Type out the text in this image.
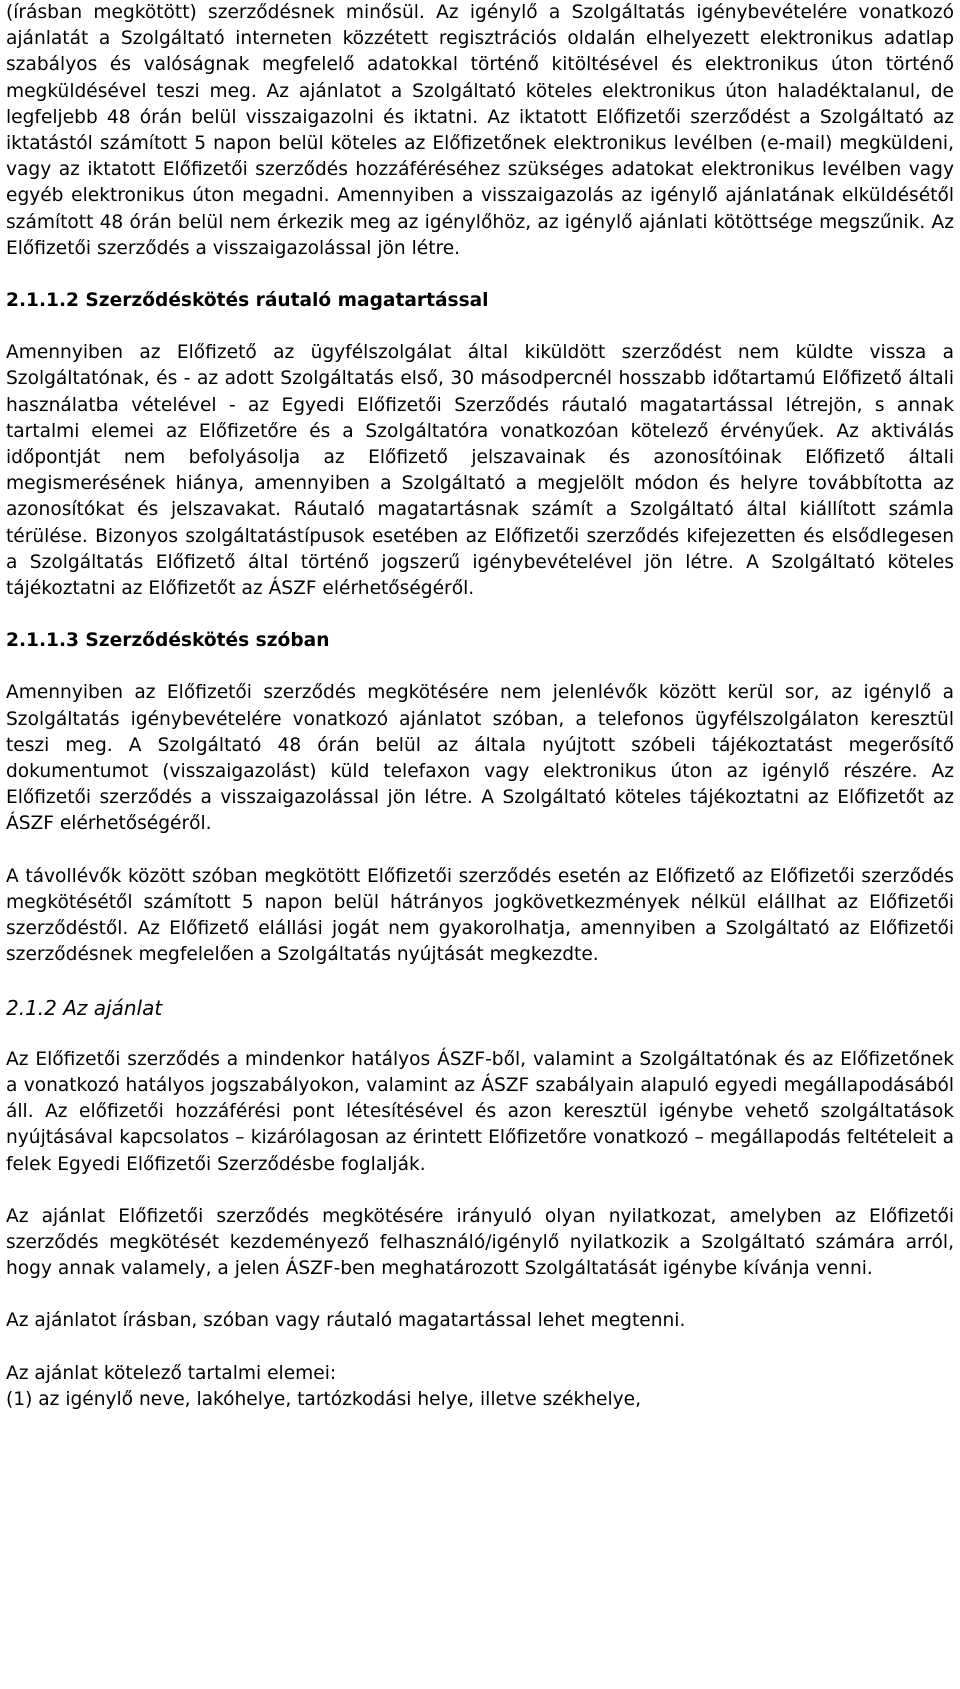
(írásban megkötött) szerződésnek minősül. Az igénylő a Szolgáltatás igénybevételére vonatkozó ajánlatát a Szolgáltató interneten közzétett regisztrációs oldalán elhelyezett elektronikus adatlap szabályos és valóságnak megfelelő adatokkal történő kitöltésével és elektronikus úton történő megküldésével teszi meg. Az ajánlatot a Szolgáltató köteles elektronikus úton haladéktalanul, de legfeljebb 48 órán belül visszaigazolni és iktatni. Az iktatott Előfizetői szerződést a Szolgáltató az iktatástól számított 5 napon belül köteles az Előfizetőnek elektronikus levélben (e-mail) megküldeni, vagy az iktatott Előfizetői szerződés hozzáféréséhez szükséges adatokat elektronikus levélben vagy egyéb elektronikus úton megadni. Amennyiben a visszaigazolás az igénylő ajánlatának elküldésétől számított 48 órán belül nem érkezik meg az igénylőhöz, az igénylő ajánlati kötöttsége megszűnik. Az Előfizetői szerződés a visszaigazolással jön létre.

2.1.1.2 Szerződéskötés ráutaló magatartással

Amennyiben az Előfizető az ügyfélszolgálat által kiküldött szerződést nem küldte vissza a Szolgáltatónak, és - az adott Szolgáltatás első, 30 másodpercnél hosszabb időtartamú Előfizető általi használatba vételével - az Egyedi Előfizetői Szerződés ráutaló magatartással létrejön, s annak tartalmi elemei az Előfizetőre és a Szolgáltatóra vonatkozóan kötelező érvényűek. Az aktiválás időpontját nem befolyásolja az Előfizető jelszavainak és azonosítóinak Előfizető általi megismerésének hiánya, amennyiben a Szolgáltató a megjelölt módon és helyre továbbította az azonosítókat és jelszavakat. Ráutaló magatartásnak számít a Szolgáltató által kiállított számla térülése. Bizonyos szolgáltatástípusok esetében az Előfizetői szerződés kifejezetten és elsődlegesen a Szolgáltatás Előfizető által történő jogszerű igénybevételével jön létre. A Szolgáltató köteles tájékoztatni az Előfizetőt az ÁSZF elérhetőségéről.

2.1.1.3 Szerződéskötés szóban

Amennyiben az Előfizetői szerződés megkötésére nem jelenlévők között kerül sor, az igénylő a Szolgáltatás igénybevételére vonatkozó ajánlatot szóban, a telefonos ügyfélszolgálaton keresztül teszi meg. A Szolgáltató 48 órán belül az általa nyújtott szóbeli tájékoztatást megerősítő dokumentumot (visszaigazolást) küld telefaxon vagy elektronikus úton az igénylő részére. Az Előfizetői szerződés a visszaigazolással jön létre. A Szolgáltató köteles tájékoztatni az Előfizetőt az ÁSZF elérhetőségéről.

A távollévők között szóban megkötött Előfizetői szerződés esetén az Előfizető az Előfizetői szerződés megkötésétől számított 5 napon belül hátrányos jogkövetkezmények nélkül elállhat az Előfizetői szerződéstől. Az Előfizető elállási jogát nem gyakorolhatja, amennyiben a Szolgáltató az Előfizetői szerződésnek megfelelően a Szolgáltatás nyújtását megkezdte.

2.1.2 Az ajánlat

Az Előfizetői szerződés a mindenkor hatályos ÁSZF-ből, valamint a Szolgáltatónak és az Előfizetőnek a vonatkozó hatályos jogszabályokon, valamint az ÁSZF szabályain alapuló egyedi megállapodásából áll. Az előfizetői hozzáférési pont létesítésével és azon keresztül igénybe vehető szolgáltatások nyújtásával kapcsolatos – kizárólagosan az érintett Előfizetőre vonatkozó – megállapodás feltételeit a felek Egyedi Előfizetői Szerződésbe foglalják.

Az ajánlat Előfizetői szerződés megkötésére irányuló olyan nyilatkozat, amelyben az Előfizetői szerződés megkötését kezdeményező felhasználó/igénylő nyilatkozik a Szolgáltató számára arról, hogy annak valamely, a jelen ÁSZF-ben meghatározott Szolgáltatását igénybe kívánja venni.

Az ajánlatot írásban, szóban vagy ráutaló magatartással lehet megtenni.

Az ajánlat kötelező tartalmi elemei:

(1) az igénylő neve, lakóhelye, tartózkodási helye, illetve székhelye,
